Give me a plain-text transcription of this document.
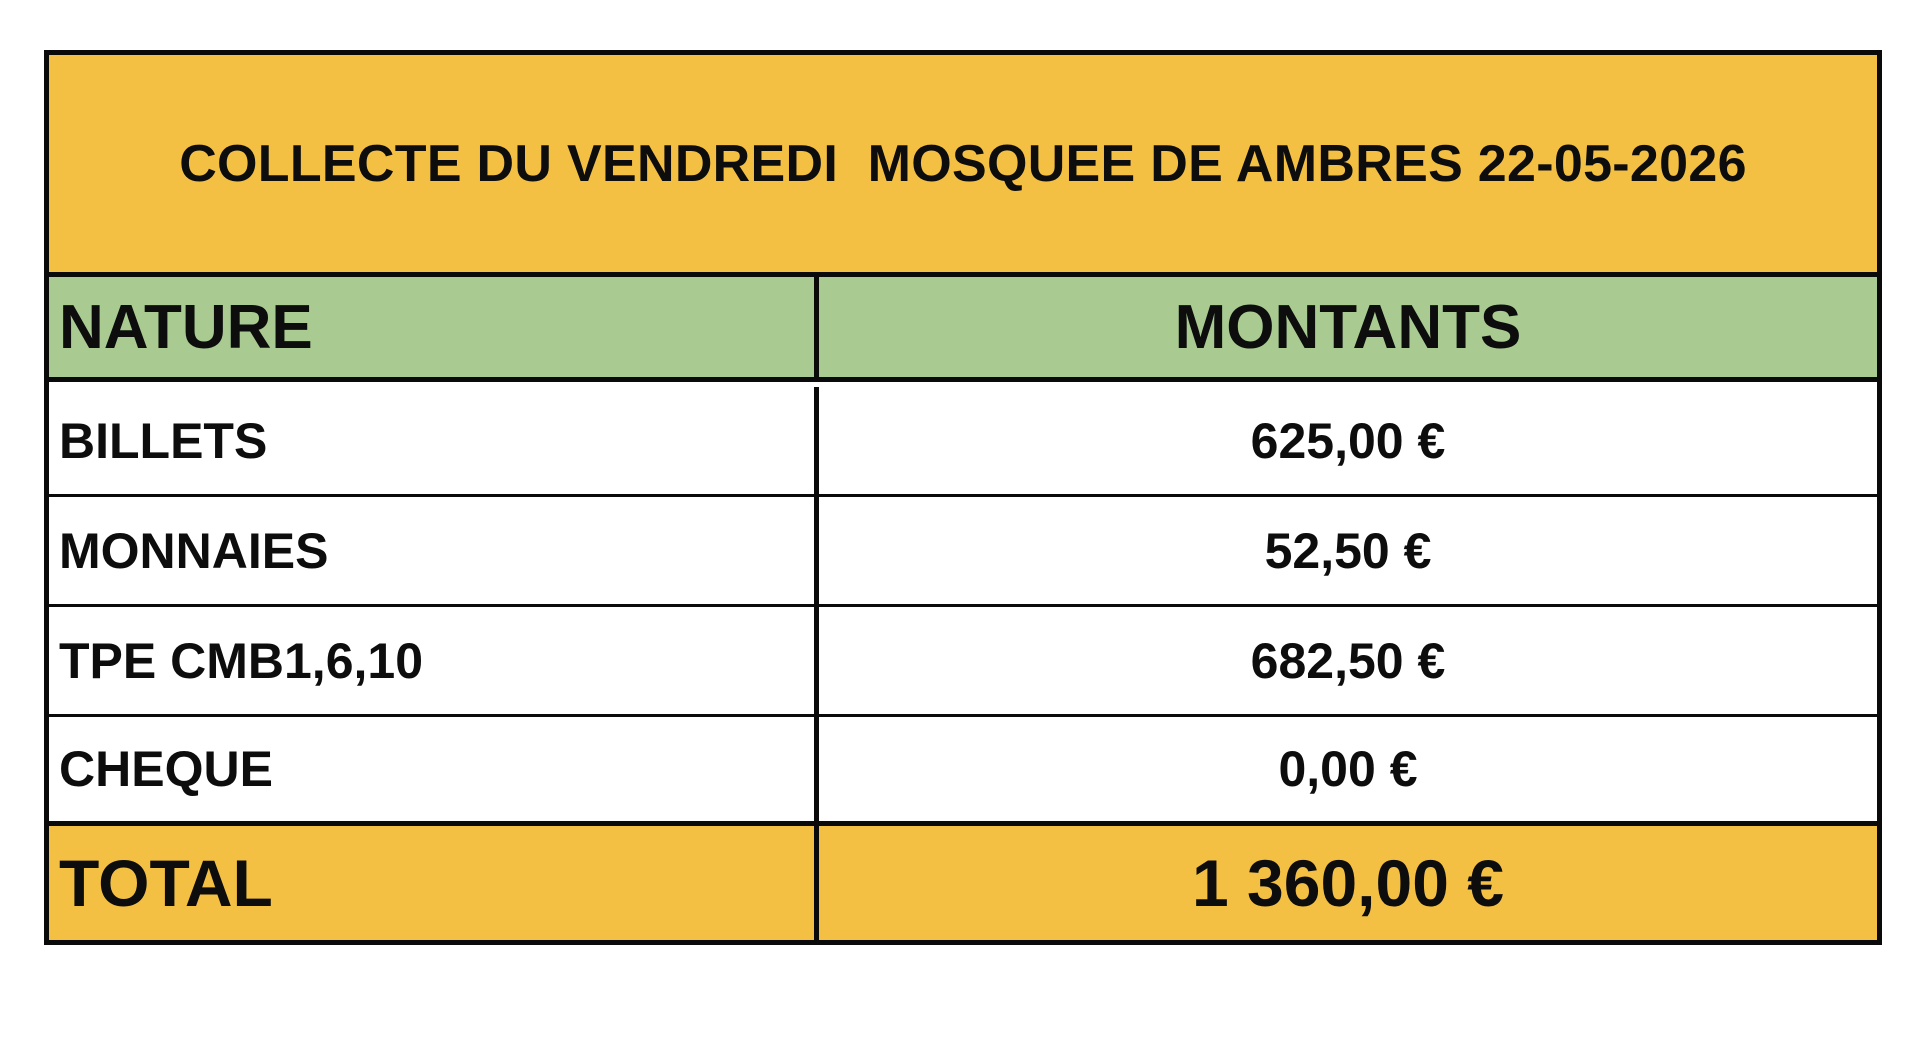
COLLECTE DU VENDREDI  MOSQUEE DE AMBRES 22-05-2026
NATURE	MONTANTS
BILLETS	625,00 €
MONNAIES	52,50 €
TPE CMB1,6,10	682,50 €
CHEQUE	0,00 €
TOTAL	1 360,00 €
